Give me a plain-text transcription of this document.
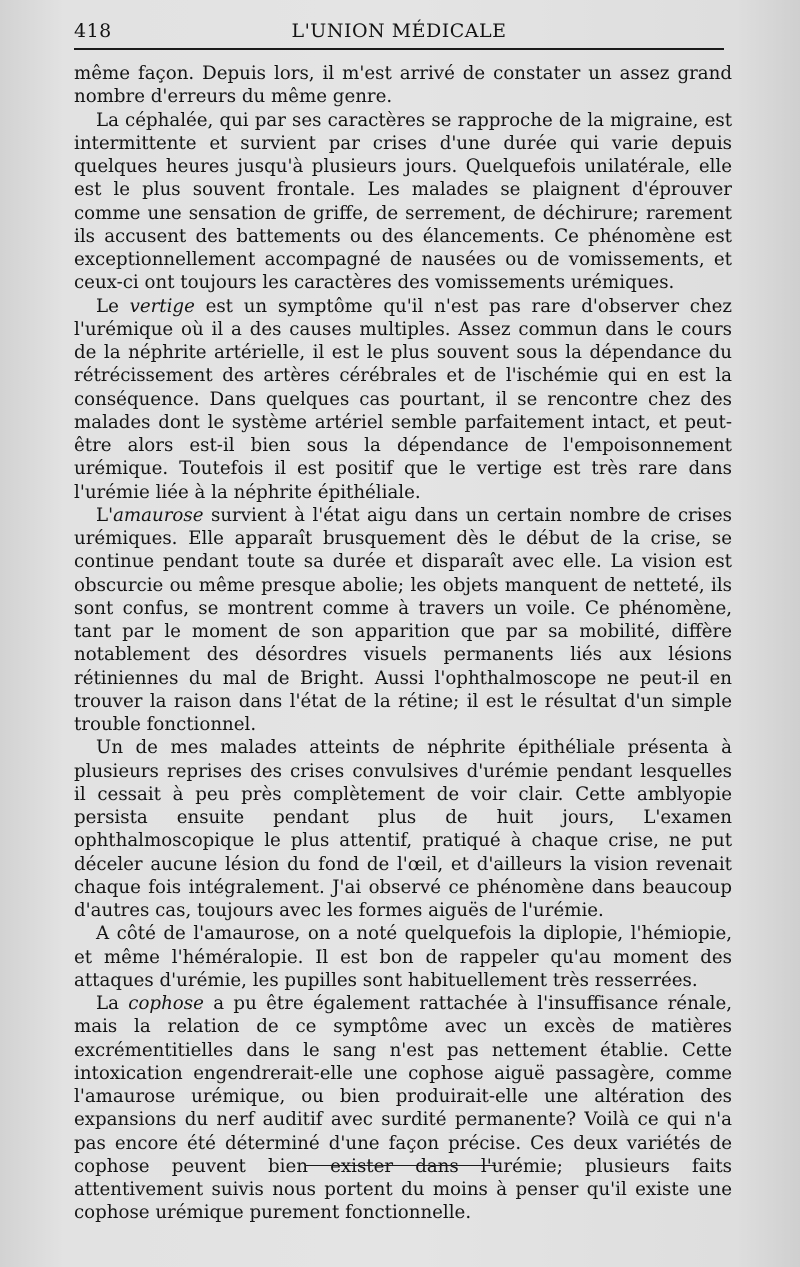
418	L'UNION MÉDICALE

même façon. Depuis lors, il m'est arrivé de constater un assez grand nombre d'erreurs du même genre.

La céphalée, qui par ses caractères se rapproche de la migraine, est intermittente et survient par crises d'une durée qui varie depuis quelques heures jusqu'à plusieurs jours. Quelquefois unilatérale, elle est le plus souvent frontale. Les malades se plaignent d'éprouver comme une sensation de griffe, de serrement, de déchirure; rarement ils accusent des battements ou des élancements. Ce phénomène est exceptionnellement accompagné de nausées ou de vomissements, et ceux-ci ont toujours les caractères des vomissements urémiques.

Le vertige est un symptôme qu'il n'est pas rare d'observer chez l'urémique où il a des causes multiples. Assez commun dans le cours de la néphrite artérielle, il est le plus souvent sous la dépendance du rétrécissement des artères cérébrales et de l'ischémie qui en est la conséquence. Dans quelques cas pourtant, il se rencontre chez des malades dont le système artériel semble parfaitement intact, et peut-être alors est-il bien sous la dépendance de l'empoisonnement urémique. Toutefois il est positif que le vertige est très rare dans l'urémie liée à la néphrite épithéliale.

L'amaurose survient à l'état aigu dans un certain nombre de crises urémiques. Elle apparaît brusquement dès le début de la crise, se continue pendant toute sa durée et disparaît avec elle. La vision est obscurcie ou même presque abolie; les objets manquent de netteté, ils sont confus, se montrent comme à travers un voile. Ce phénomène, tant par le moment de son apparition que par sa mobilité, diffère notablement des désordres visuels permanents liés aux lésions rétiniennes du mal de Bright. Aussi l'ophthalmoscope ne peut-il en trouver la raison dans l'état de la rétine; il est le résultat d'un simple trouble fonctionnel.

Un de mes malades atteints de néphrite épithéliale présenta à plusieurs reprises des crises convulsives d'urémie pendant lesquelles il cessait à peu près complètement de voir clair. Cette amblyopie persista ensuite pendant plus de huit jours, L'examen ophthalmoscopique le plus attentif, pratiqué à chaque crise, ne put déceler aucune lésion du fond de l'œil, et d'ailleurs la vision revenait chaque fois intégralement. J'ai observé ce phénomène dans beaucoup d'autres cas, toujours avec les formes aiguës de l'urémie.

A côté de l'amaurose, on a noté quelquefois la diplopie, l'hémiopie, et même l'héméralopie. Il est bon de rappeler qu'au moment des attaques d'urémie, les pupilles sont habituellement très resserrées.

La cophose a pu être également rattachée à l'insuffisance rénale, mais la relation de ce symptôme avec un excès de matières excrémentitielles dans le sang n'est pas nettement établie. Cette intoxication engendrerait-elle une cophose aiguë passagère, comme l'amaurose urémique, ou bien produirait-elle une altération des expansions du nerf auditif avec surdité permanente? Voilà ce qui n'a pas encore été déterminé d'une façon précise. Ces deux variétés de cophose peuvent bien exister dans l'urémie; plusieurs faits attentivement suivis nous portent du moins à penser qu'il existe une cophose urémique purement fonctionnelle.
